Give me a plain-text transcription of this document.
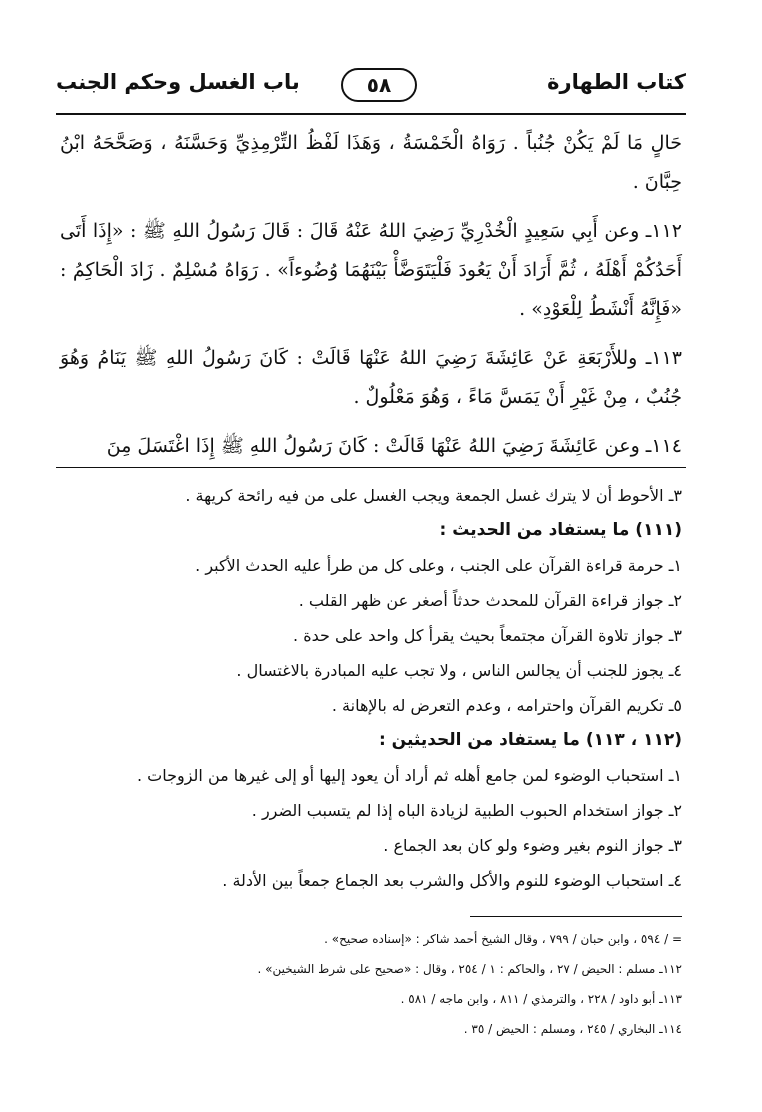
كتاب الطهارة
٥٨
باب الغسل وحكم الجنب

حَالٍ مَا لَمْ يَكُنْ جُنُباً . رَوَاهُ الْخَمْسَةُ ، وَهَذَا لَفْظُ التِّرْمِذِيِّ وَحَسَّنَهُ ، وَصَحَّحَهُ ابْنُ حِبَّانَ .

١١٢ـ وعن أَبِي سَعِيدٍ الْخُدْرِيِّ رَضِيَ اللهُ عَنْهُ قَالَ : قَالَ رَسُولُ اللهِ ﷺ : «إِذَا أَتَى أَحَدُكُمْ أَهْلَهُ ، ثُمَّ أَرَادَ أَنْ يَعُودَ فَلْيَتَوَضَّأْ بَيْنَهُمَا وُضُوءاً» . رَوَاهُ مُسْلِمٌ . زَادَ الْحَاكِمُ : «فَإِنَّهُ أَنْشَطُ لِلْعَوْدِ» .

١١٣ـ وللأَرْبَعَةِ عَنْ عَائِشَةَ رَضِيَ اللهُ عَنْهَا قَالَتْ : كَانَ رَسُولُ اللهِ ﷺ يَنَامُ وَهُوَ جُنُبٌ ، مِنْ غَيْرِ أَنْ يَمَسَّ مَاءً ، وَهُوَ مَعْلُولٌ .

١١٤ـ وعن عَائِشَةَ رَضِيَ اللهُ عَنْهَا قَالَتْ : كَانَ رَسُولُ اللهِ ﷺ إِذَا اغْتَسَلَ مِنَ

٣ـ الأحوط أن لا يترك غسل الجمعة ويجب الغسل على من فيه رائحة كريهة .
(١١١) ما يستفاد من الحديث :
١ـ حرمة قراءة القرآن على الجنب ، وعلى كل من طرأ عليه الحدث الأكبر .
٢ـ جواز قراءة القرآن للمحدث حدثاً أصغر عن ظهر القلب .
٣ـ جواز تلاوة القرآن مجتمعاً بحيث يقرأ كل واحد على حدة .
٤ـ يجوز للجنب أن يجالس الناس ، ولا تجب عليه المبادرة بالاغتسال .
٥ـ تكريم القرآن واحترامه ، وعدم التعرض له بالإهانة .
(١١٢ ، ١١٣) ما يستفاد من الحديثين :
١ـ استحباب الوضوء لمن جامع أهله ثم أراد أن يعود إليها أو إلى غيرها من الزوجات .
٢ـ جواز استخدام الحبوب الطبية لزيادة الباه إذا لم يتسبب الضرر .
٣ـ جواز النوم بغير وضوء ولو كان بعد الجماع .
٤ـ استحباب الوضوء للنوم والأكل والشرب بعد الجماع جمعاً بين الأدلة .
= / ٥٩٤ ، وابن حبان / ٧٩٩ ، وقال الشيخ أحمد شاكر : «إسناده صحيح» .
١١٢ـ مسلم : الحيض / ٢٧ ، والحاكم : ١ / ٢٥٤ ، وقال : «صحيح على شرط الشيخين» .
١١٣ـ أبو داود / ٢٢٨ ، والترمذي / ٨١١ ، وابن ماجه / ٥٨١ .
١١٤ـ البخاري / ٢٤٥ ، ومسلم : الحيض / ٣٥ .
